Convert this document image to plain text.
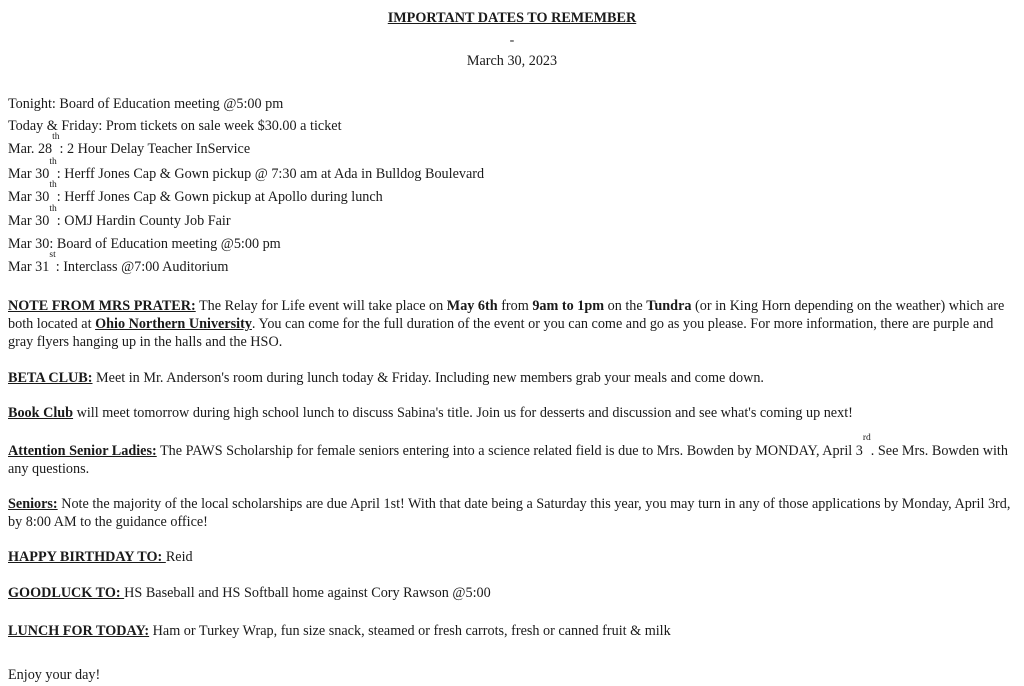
IMPORTANT DATES TO REMEMBER
-
March 30, 2023
Tonight: Board of Education meeting @5:00 pm
Today & Friday: Prom tickets on sale week $30.00 a ticket
Mar. 28th: 2 Hour Delay Teacher InService
Mar 30th: Herff Jones Cap & Gown pickup @ 7:30 am at Ada in Bulldog Boulevard
Mar 30th: Herff Jones Cap & Gown pickup at Apollo during lunch
Mar 30th: OMJ Hardin County Job Fair
Mar 30: Board of Education meeting @5:00 pm
Mar 31st: Interclass @7:00 Auditorium
NOTE FROM MRS PRATER: The Relay for Life event will take place on May 6th from 9am to 1pm on the Tundra (or in King Horn depending on the weather) which are both located at Ohio Northern University. You can come for the full duration of the event or you can come and go as you please. For more information, there are purple and gray flyers hanging up in the halls and the HSO.
BETA CLUB: Meet in Mr. Anderson's room during lunch today & Friday. Including new members grab your meals and come down.
Book Club will meet tomorrow during high school lunch to discuss Sabina's title. Join us for desserts and discussion and see what's coming up next!
Attention Senior Ladies: The PAWS Scholarship for female seniors entering into a science related field is due to Mrs. Bowden by MONDAY, April 3rd. See Mrs. Bowden with any questions.
Seniors: Note the majority of the local scholarships are due April 1st! With that date being a Saturday this year, you may turn in any of those applications by Monday, April 3rd, by 8:00 AM to the guidance office!
HAPPY BIRTHDAY TO: Reid
GOODLUCK TO: HS Baseball and HS Softball home against Cory Rawson @5:00
LUNCH FOR TODAY: Ham or Turkey Wrap, fun size snack, steamed or fresh carrots, fresh or canned fruit & milk
Enjoy your day!
